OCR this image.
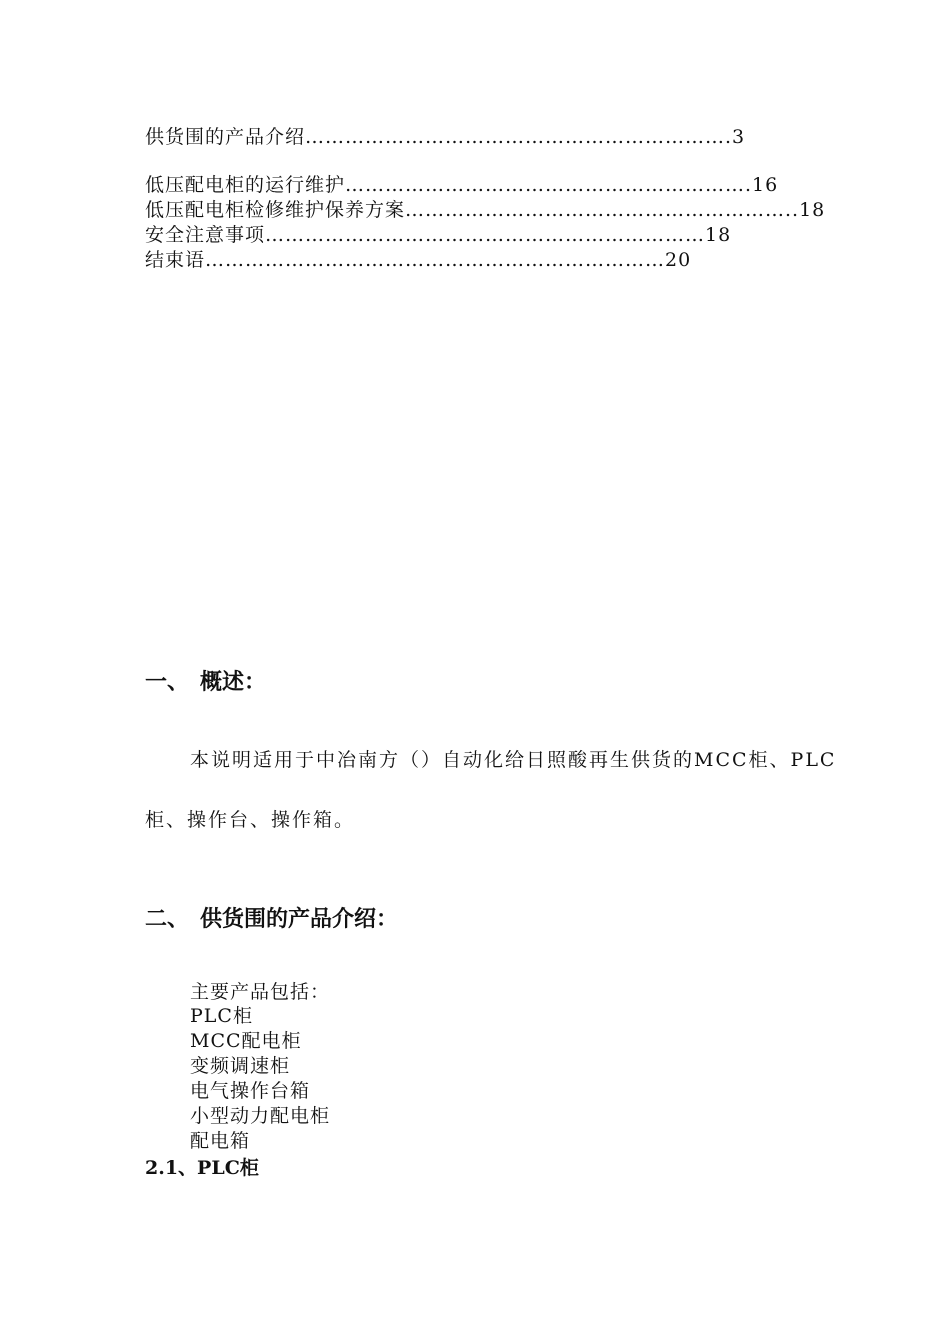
供货围的产品介绍……………………………………………………….3
低压配电柜的运行维护…………………………………………………….16
低压配电柜检修维护保养方案…………………………………………………..18
安全注意事项…………………………………………………………18
结束语……………………………………………………………20
一、 概述：
本说明适用于中冶南方（）自动化给日照酸再生供货的MCC柜、PLC
柜、操作台、操作箱。
二、 供货围的产品介绍：
主要产品包括：
PLC柜
MCC配电柜
变频调速柜
电气操作台箱
小型动力配电柜
配电箱
2.1、PLC柜
